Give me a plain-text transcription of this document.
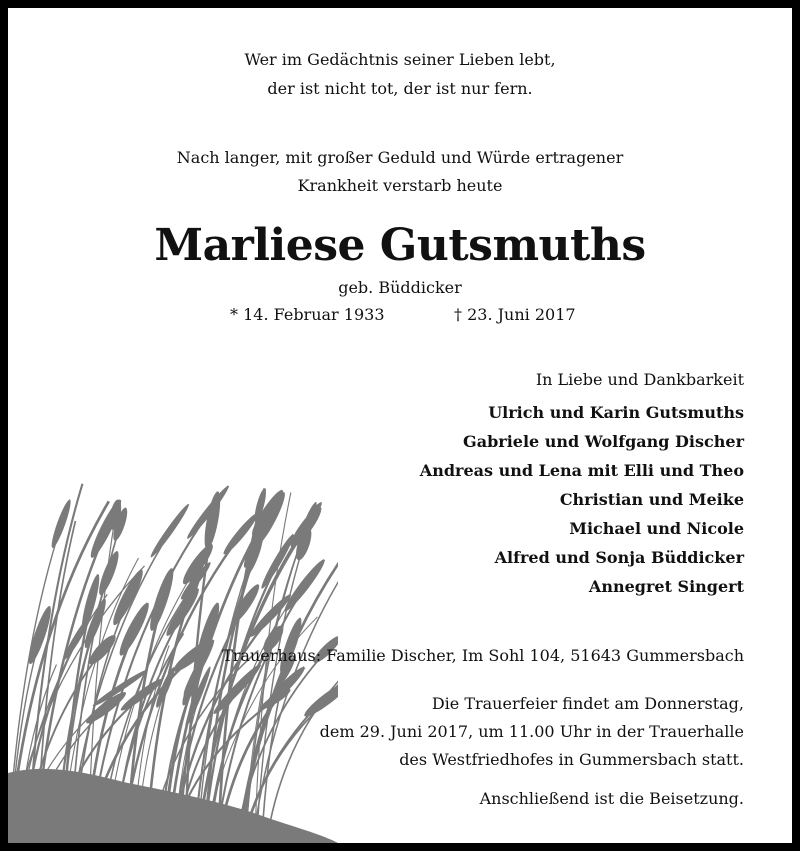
Wer im Gedächtnis seiner Lieben lebt,
der ist nicht tot, der ist nur fern.
Nach langer, mit großer Geduld und Würde ertragener
Krankheit verstarb heute
Marliese Gutsmuths
geb. Büddicker
* 14. Februar 1933	† 23. Juni 2017
In Liebe und Dankbarkeit
Ulrich und Karin Gutsmuths
Gabriele und Wolfgang Discher
Andreas und Lena mit Elli und Theo
Christian und Meike
Michael und Nicole
Alfred und Sonja Büddicker
Annegret Singert
Trauerhaus: Familie Discher, Im Sohl 104, 51643 Gummersbach
Die Trauerfeier findet am Donnerstag,
dem 29. Juni 2017, um 11.00 Uhr in der Trauerhalle
des Westfriedhofes in Gummersbach statt.
Anschließend ist die Beisetzung.
